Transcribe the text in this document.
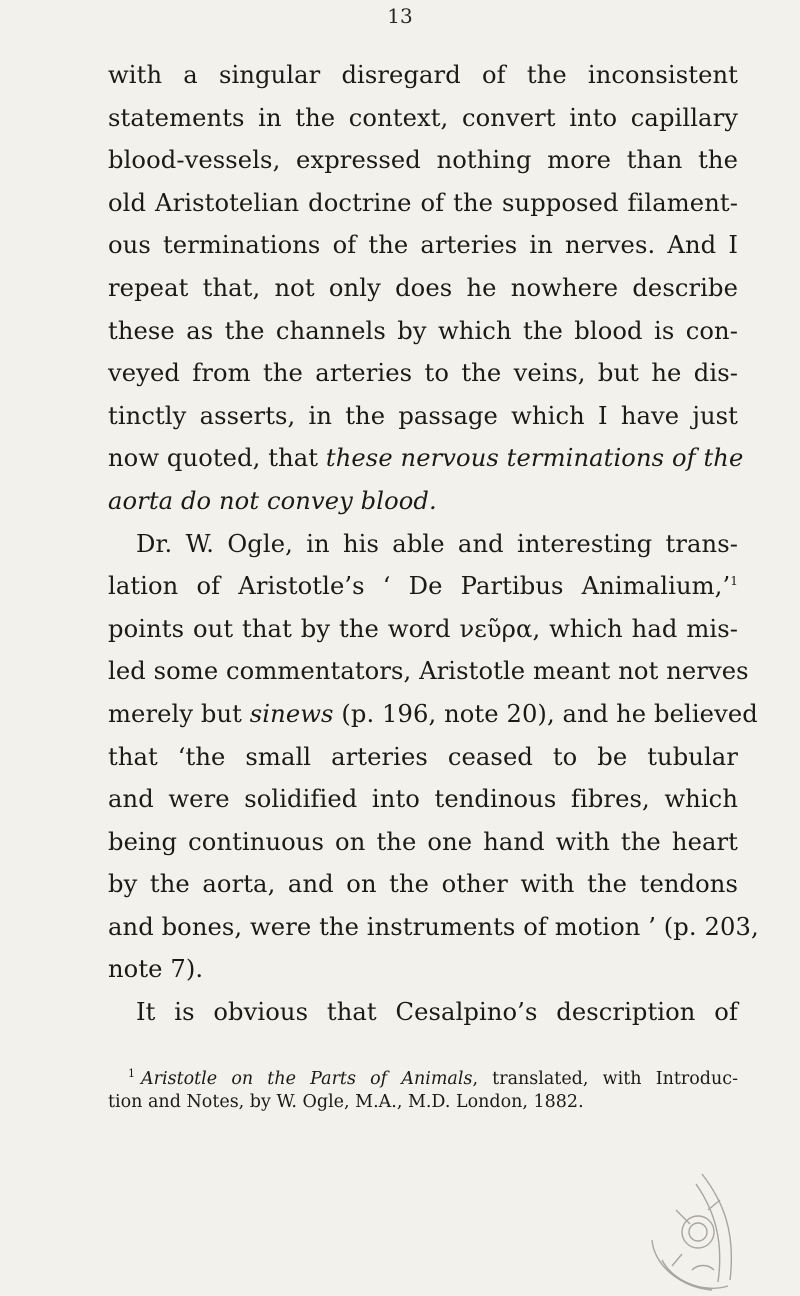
13
with a singular disregard of the inconsistent
statements in the context, convert into capillary
blood-vessels, expressed nothing more than the
old Aristotelian doctrine of the supposed filament-
ous terminations of the arteries in nerves. And I
repeat that, not only does he nowhere describe
these as the channels by which the blood is con-
veyed from the arteries to the veins, but he dis-
tinctly asserts, in the passage which I have just
now quoted, that these nervous terminations of the
aorta do not convey blood.
Dr. W. Ogle, in his able and interesting trans-
lation of Aristotle’s ‘ De Partibus Animalium,’$^1$
points out that by the word νεῦρα, which had mis-
led some commentators, Aristotle meant not nerves
merely but sinews (p. 196, note 20), and he believed
that ‘the small arteries ceased to be tubular
and were solidified into tendinous fibres, which
being continuous on the one hand with the heart
by the aorta, and on the other with the tendons
and bones, were the instruments of motion ’ (p. 203,
note 7).
It is obvious that Cesalpino’s description of
$^1$ Aristotle on the Parts of Animals, translated, with Introduc-
tion and Notes, by W. Ogle, M.A., M.D. London, 1882.
